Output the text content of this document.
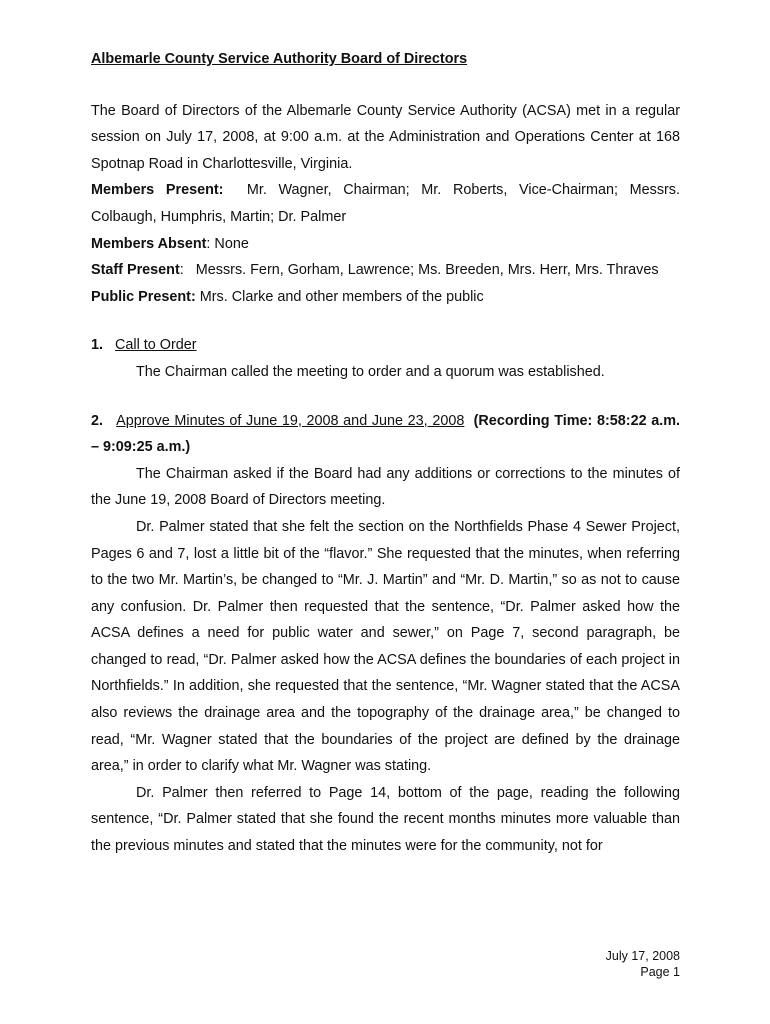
Albemarle County Service Authority Board of Directors

The Board of Directors of the Albemarle County Service Authority (ACSA) met in a regular session on July 17, 2008, at 9:00 a.m. at the Administration and Operations Center at 168 Spotnap Road in Charlottesville, Virginia.

Members Present: Mr. Wagner, Chairman; Mr. Roberts, Vice-Chairman; Messrs. Colbaugh, Humphris, Martin; Dr. Palmer

Members Absent: None

Staff Present:   Messrs. Fern, Gorham, Lawrence; Ms. Breeden, Mrs. Herr, Mrs. Thraves

Public Present: Mrs. Clarke and other members of the public

1. Call to Order

The Chairman called the meeting to order and a quorum was established.

2. Approve Minutes of June 19, 2008 and June 23, 2008 (Recording Time: 8:58:22 a.m. – 9:09:25 a.m.)

The Chairman asked if the Board had any additions or corrections to the minutes of the June 19, 2008 Board of Directors meeting.

Dr. Palmer stated that she felt the section on the Northfields Phase 4 Sewer Project, Pages 6 and 7, lost a little bit of the “flavor.” She requested that the minutes, when referring to the two Mr. Martin’s, be changed to “Mr. J. Martin” and “Mr. D. Martin,” so as not to cause any confusion. Dr. Palmer then requested that the sentence, “Dr. Palmer asked how the ACSA defines a need for public water and sewer,” on Page 7, second paragraph, be changed to read, “Dr. Palmer asked how the ACSA defines the boundaries of each project in Northfields.” In addition, she requested that the sentence, “Mr. Wagner stated that the ACSA also reviews the drainage area and the topography of the drainage area,” be changed to read, “Mr. Wagner stated that the boundaries of the project are defined by the drainage area,” in order to clarify what Mr. Wagner was stating.

Dr. Palmer then referred to Page 14, bottom of the page, reading the following sentence, “Dr. Palmer stated that she found the recent months minutes more valuable than the previous minutes and stated that the minutes were for the community, not for

July 17, 2008
Page 1
